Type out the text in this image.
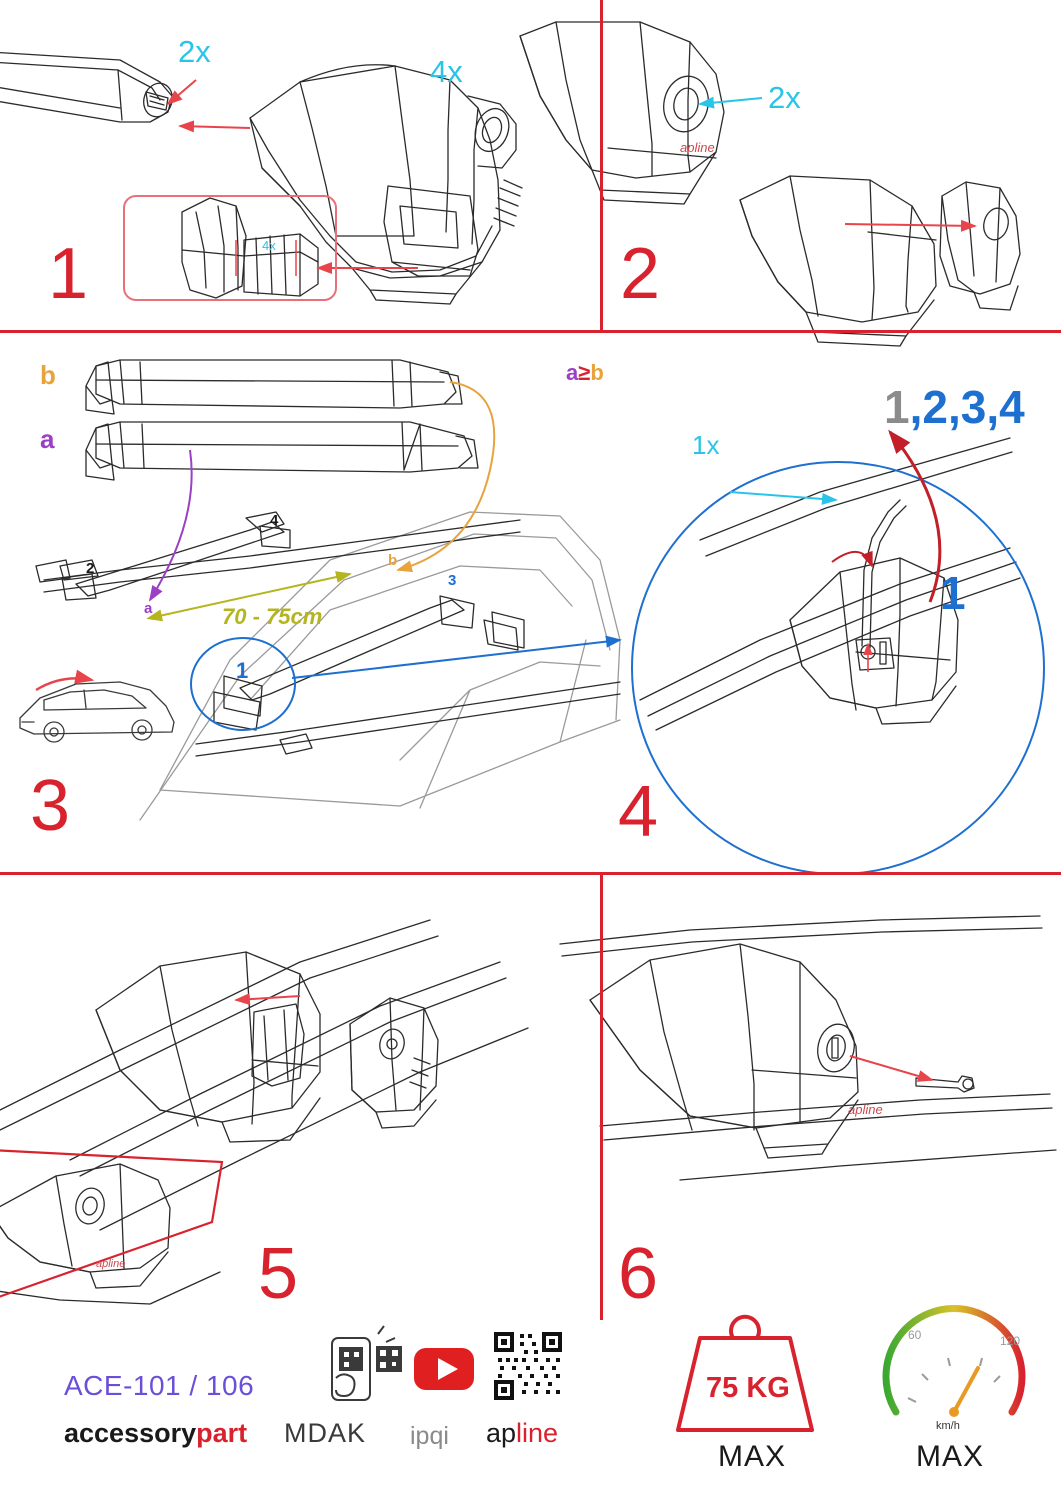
2x
4x
4x
2x
1	2
3	4
5	6
b
a
a
b
70 - 75cm
2
4
3
1
a≥b
1x
1,2,3,4
1
apline
apline
apline
ACE-101 / 106
accessorypart MDAK ipqi apline
75 KG
MAX	MAX
km/h
60	120
